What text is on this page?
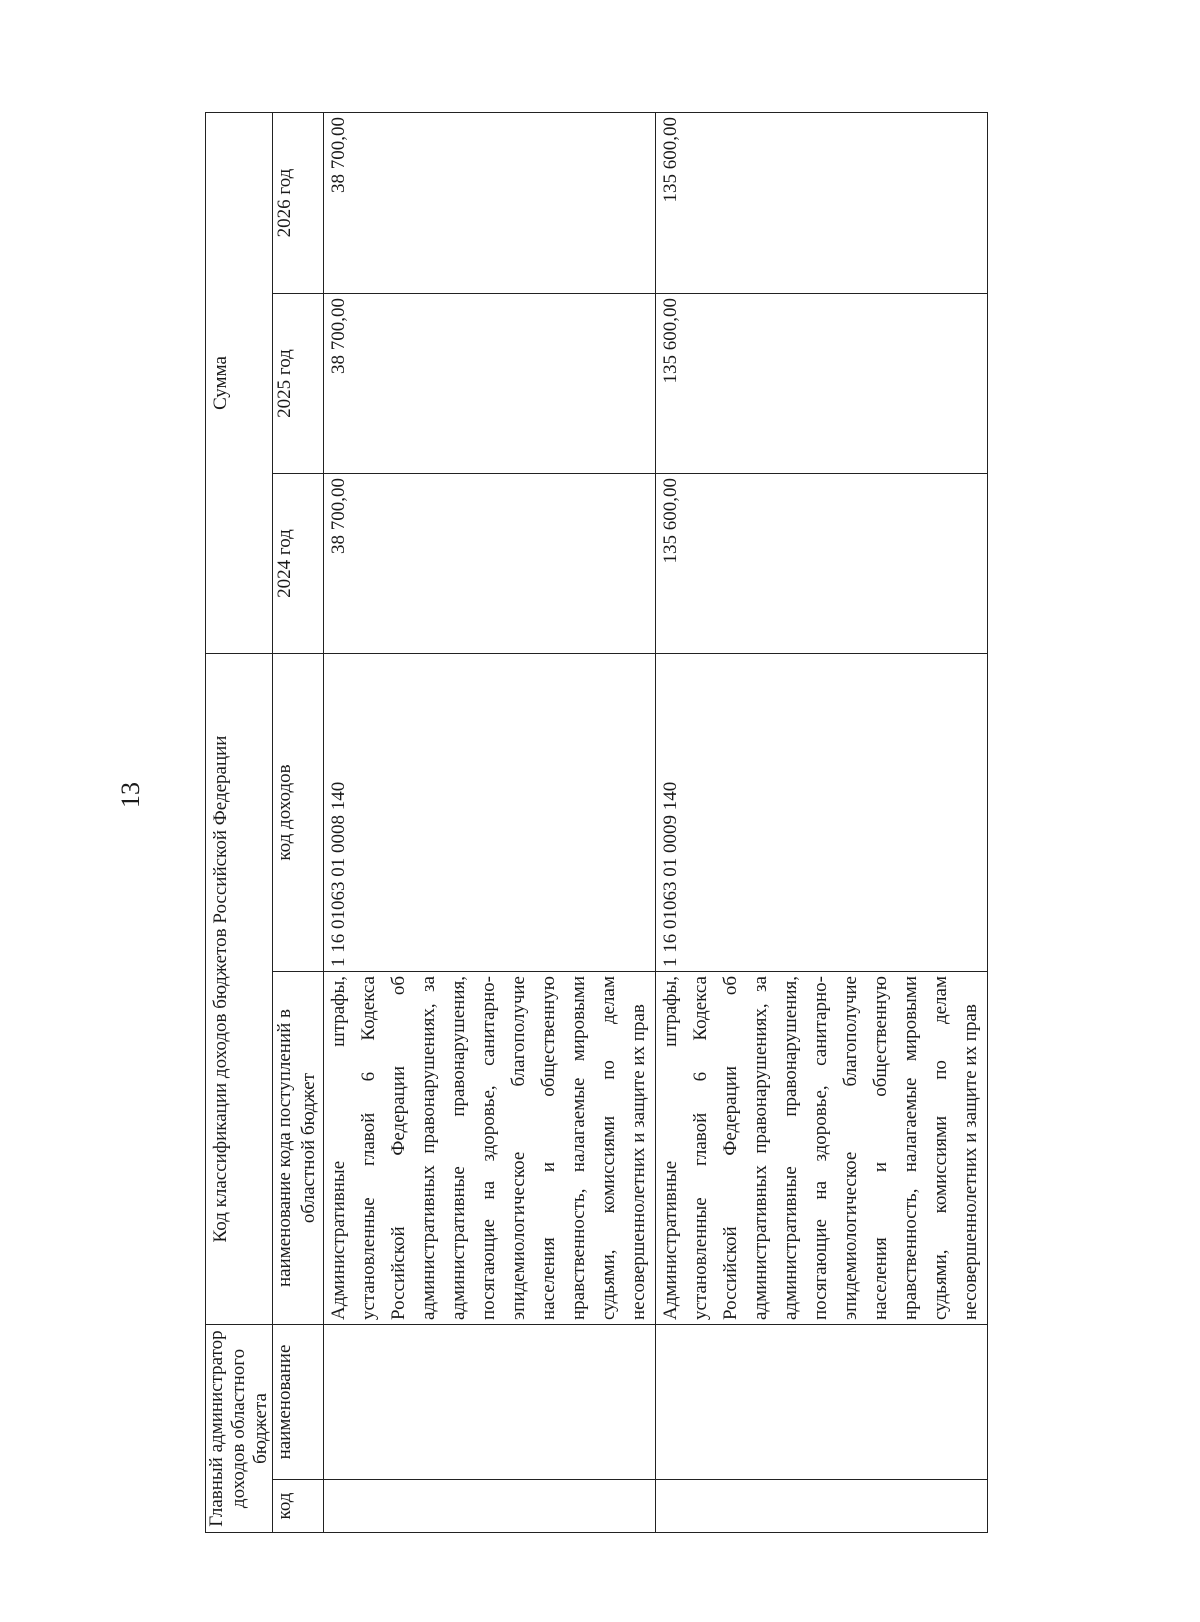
13
Главный администратор доходов областного бюджета		Код классификации доходов бюджетов Российской Федерации		Сумма		
код	наименование	наименование кода поступлений в областной бюджет	код доходов	2024 год	2025 год	2026 год
		Административные штрафы, установленные главой 6 Кодекса Российской Федерации об административных правонарушениях, за административные правонарушения, посягающие на здоровье, санитарно-эпидемиологическое благополучие населения и общественную нравственность, налагаемые мировыми судьями, комиссиями по делам несовершеннолетних и защите их прав	1 16 01063 01 0008 140	38 700,00	38 700,00	38 700,00
		Административные штрафы, установленные главой 6 Кодекса Российской Федерации об административных правонарушениях, за административные правонарушения, посягающие на здоровье, санитарно-эпидемиологическое благополучие населения и общественную нравственность, налагаемые мировыми судьями, комиссиями по делам несовершеннолетних и защите их прав	1 16 01063 01 0009 140	135 600,00	135 600,00	135 600,00
